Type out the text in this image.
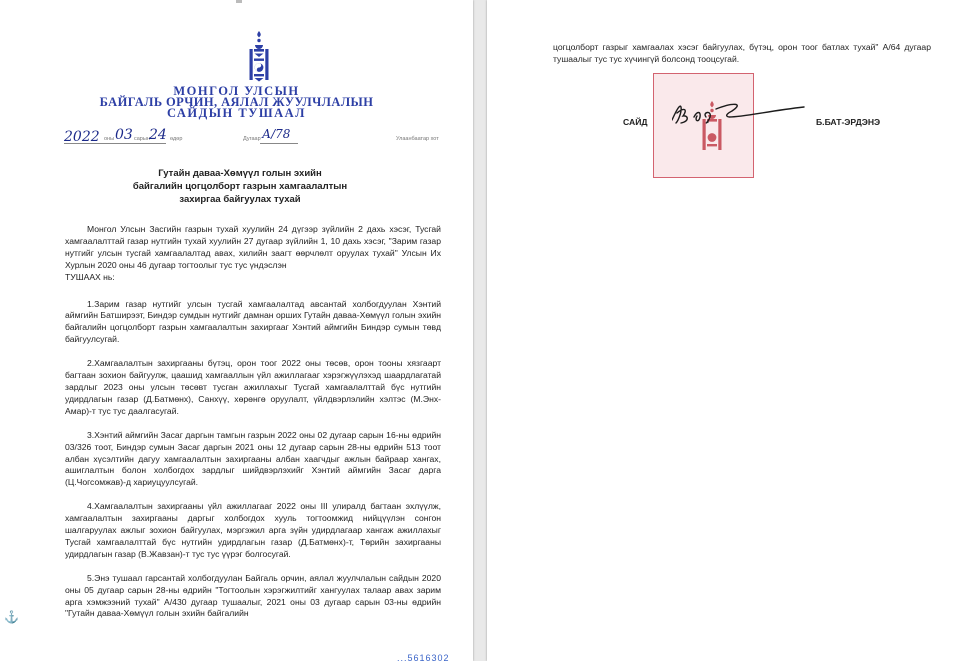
МОНГОЛ УЛСЫН
БАЙГАЛЬ ОРЧИН, АЯЛАЛ ЖУУЛЧЛАЛЫН
САЙДЫН ТУШААЛ
2022 оны 03 сарын 24 өдөр	Дугаар А/78	Улаанбаатар хот
Гутайн даваа-Хөмүүл голын эхийн
байгалийн цогцолборт газрын хамгаалалтын
захиргаа байгуулах тухай

Монгол Улсын Засгийн газрын тухай хуулийн 24 дүгээр зүйлийн 2 дахь хэсэг, Тусгай хамгаалалттай газар нутгийн тухай хуулийн 27 дугаар зүйлийн 1, 10 дахь хэсэг, "Зарим газар нутгийг улсын тусгай хамгаалалтад авах, хилийн заагт өөрчлөлт оруулах тухай" Улсын Их Хурлын 2020 оны 46 дугаар тогтоолыг тус тус үндэслэн

ТУШААХ нь:

1.Зарим газар нутгийг улсын тусгай хамгаалалтад авсантай холбогдуулан Хэнтий аймгийн Батширээт, Биндэр сумдын нутгийг дамнан орших Гутайн даваа-Хөмүүл голын эхийн байгалийн цогцолборт газрын хамгаалалтын захиргааг Хэнтий аймгийн Биндэр сумын төвд байгуулсугай.

2.Хамгаалалтын захиргааны бүтэц, орон тоог 2022 оны төсөв, орон тооны хязгаарт багтаан зохион байгуулж, цаашид хамгааллын үйл ажиллагааг хэрэгжүүлэхэд шаардлагатай зардлыг 2023 оны улсын төсөвт тусган ажиллахыг Тусгай хамгаалалттай бүс нутгийн удирдлагын газар (Д.Батмөнх), Санхүү, хөрөнгө оруулалт, үйлдвэрлэлийн хэлтэс (М.Энх-Амар)-т тус тус даалгасугай.

3.Хэнтий аймгийн Засаг даргын тамгын газрын 2022 оны 02 дугаар сарын 16-ны өдрийн 03/326 тоот, Биндэр сумын Засаг даргын 2021 оны 12 дугаар сарын 28-ны өдрийн 513 тоот албан хүсэлтийн дагуу хамгаалалтын захиргааны албан хаагчдыг ажлын байраар хангах, ашиглалтын болон холбогдох зардлыг шийдвэрлэхийг Хэнтий аймгийн Засаг дарга (Ц.Чогсомжав)-д хариуцуулсугай.

4.Хамгаалалтын захиргааны үйл ажиллагааг 2022 оны III улиралд багтаан эхлүүлж, хамгаалалтын захиргааны даргыг холбогдох хууль тогтоомжид нийцүүлэн сонгон шалгаруулах ажлыг зохион байгуулах, мэргэжил арга зүйн удирдлагаар хангаж ажиллахыг Тусгай хамгаалалттай бүс нутгийн удирдлагын газар (Д.Батмөнх)-т, Төрийн захиргааны удирдлагын газар (В.Жавзан)-т тус тус үүрэг болгосугай.

5.Энэ тушаал гарсантай холбогдуулан Байгаль орчин, аялал жуулчлалын сайдын 2020 оны 05 дугаар сарын 28-ны өдрийн "Тогтоолын хэрэгжилтийг хангуулах талаар авах зарим арга хэмжээний тухай" А/430 дугаар тушаалыг, 2021 оны 03 дугаар сарын 03-ны өдрийн "Гутайн даваа-Хөмүүл голын эхийн байгалийн

⚓
...5616302
цогцолборт газрыг хамгаалах хэсэг байгуулах, бүтэц, орон тоог батлах тухай" А/64 дугаар тушаалыг тус тус хүчингүй болсонд тооцсугай.
САЙД	Б.БАТ-ЭРДЭНЭ
